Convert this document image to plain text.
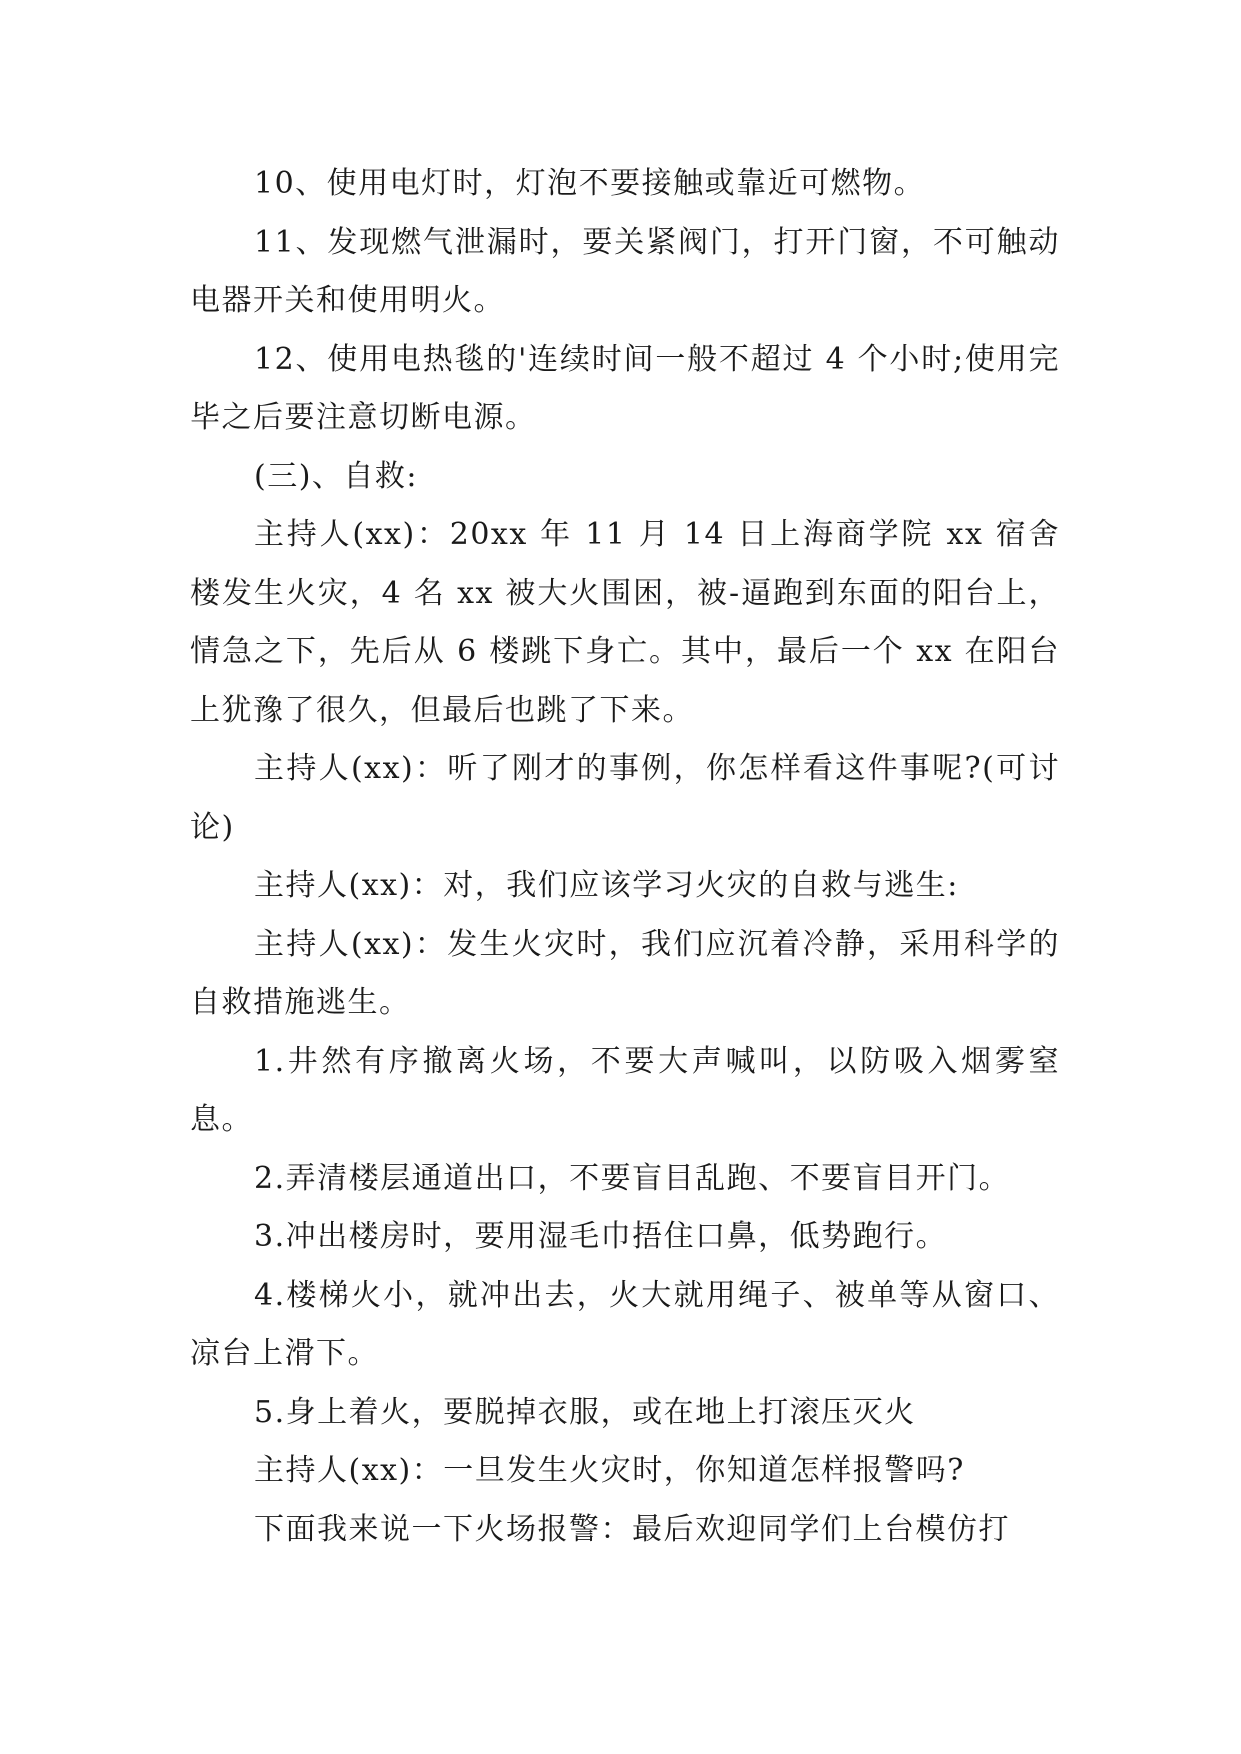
10、使用电灯时，灯泡不要接触或靠近可燃物。

11、发现燃气泄漏时，要关紧阀门，打开门窗，不可触动电器开关和使用明火。

12、使用电热毯的'连续时间一般不超过 4 个小时;使用完毕之后要注意切断电源。

(三)、自救:

主持人(xx)：20xx 年 11 月 14 日上海商学院 xx 宿舍楼发生火灾，4 名 xx 被大火围困，被-逼跑到东面的阳台上，情急之下，先后从 6 楼跳下身亡。其中，最后一个 xx 在阳台上犹豫了很久，但最后也跳了下来。

主持人(xx)：听了刚才的事例，你怎样看这件事呢?(可讨论)

主持人(xx)：对，我们应该学习火灾的自救与逃生:

主持人(xx)：发生火灾时，我们应沉着冷静，采用科学的自救措施逃生。

1.井然有序撤离火场，不要大声喊叫，以防吸入烟雾窒息。

2.弄清楼层通道出口，不要盲目乱跑、不要盲目开门。

3.冲出楼房时，要用湿毛巾捂住口鼻，低势跑行。

4.楼梯火小，就冲出去，火大就用绳子、被单等从窗口、凉台上滑下。

5.身上着火，要脱掉衣服，或在地上打滚压灭火

主持人(xx)：一旦发生火灾时，你知道怎样报警吗?

下面我来说一下火场报警：最后欢迎同学们上台模仿打
